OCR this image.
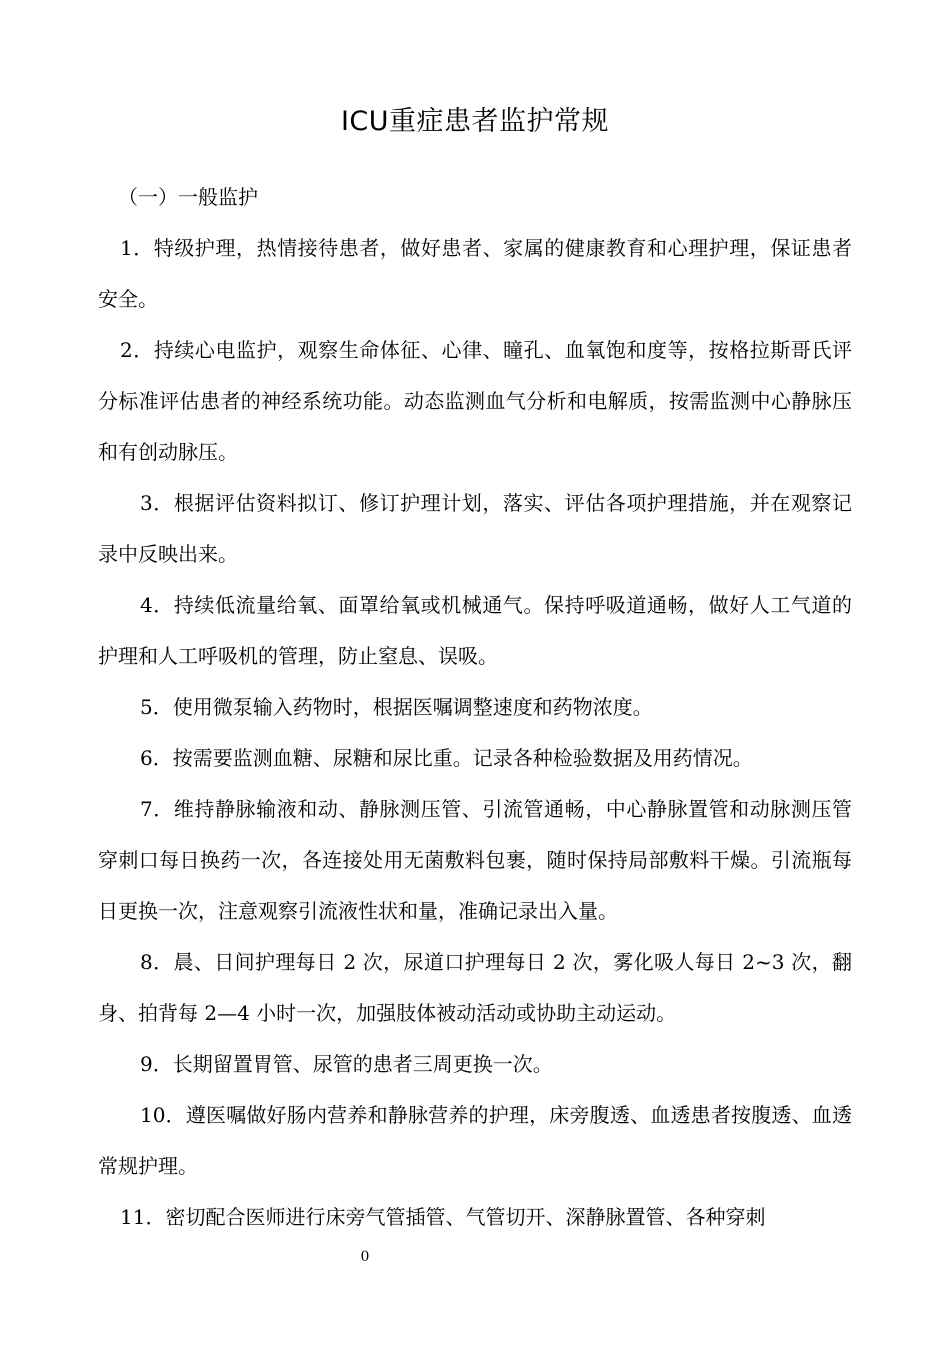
ICU重症患者监护常规

（一）一般监护

1．特级护理，热情接待患者，做好患者、家属的健康教育和心理护理，保证患者安全。

2．持续心电监护，观察生命体征、心律、瞳孔、血氧饱和度等，按格拉斯哥氏评分标准评估患者的神经系统功能。动态监测血气分析和电解质，按需监测中心静脉压和有创动脉压。

3．根据评估资料拟订、修订护理计划，落实、评估各项护理措施，并在观察记录中反映出来。

4．持续低流量给氧、面罩给氧或机械通气。保持呼吸道通畅，做好人工气道的护理和人工呼吸机的管理，防止窒息、误吸。

5．使用微泵输入药物时，根据医嘱调整速度和药物浓度。

6．按需要监测血糖、尿糖和尿比重。记录各种检验数据及用药情况。

7．维持静脉输液和动、静脉测压管、引流管通畅，中心静脉置管和动脉测压管穿刺口每日换药一次，各连接处用无菌敷料包裹，随时保持局部敷料干燥。引流瓶每日更换一次，注意观察引流液性状和量，准确记录出入量。

8．晨、日间护理每日 2 次，尿道口护理每日 2 次，雾化吸人每日 2~3 次，翻身、拍背每 2—4 小时一次，加强肢体被动活动或协助主动运动。

9．长期留置胃管、尿管的患者三周更换一次。

10．遵医嘱做好肠内营养和静脉营养的护理，床旁腹透、血透患者按腹透、血透常规护理。

11．密切配合医师进行床旁气管插管、气管切开、深静脉置管、各种穿刺

0
